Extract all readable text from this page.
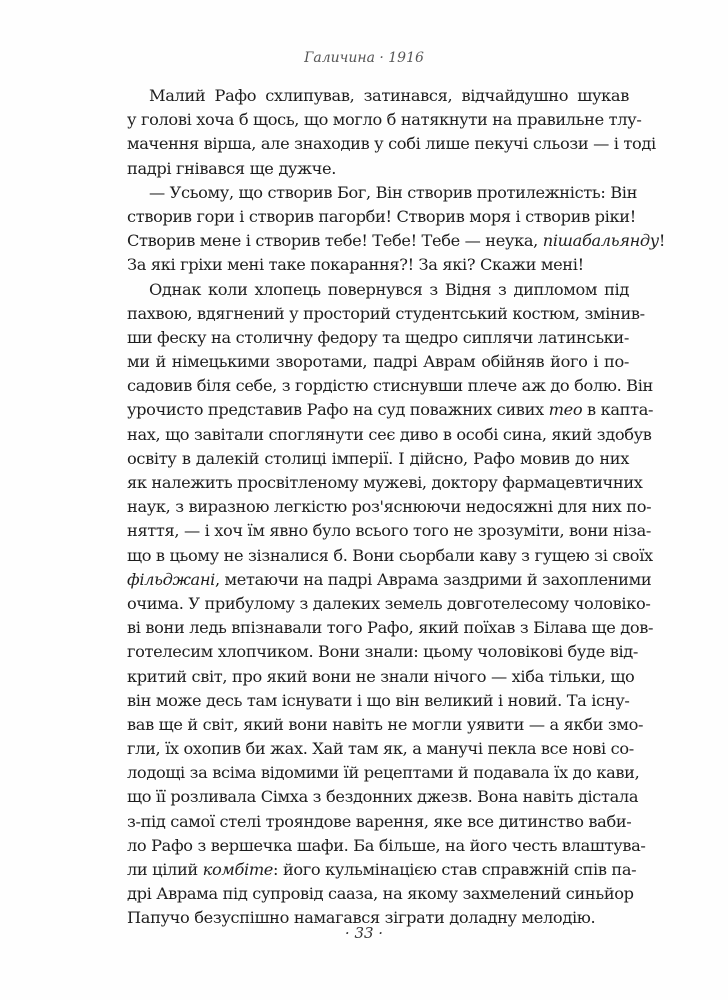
Галичина · 1916
Малий Рафо схлипував, затинався, відчайдушно шукав
у голові хоча б щось, що могло б натякнути на правильне тлу-
мачення вірша, але знаходив у собі лише пекучі сльози — і тоді
падрі гнівався ще дужче.
— Усьому, що створив Бог, Він створив протилежність: Він
створив гори і створив пагорби! Створив моря і створив ріки!
Створив мене і створив тебе! Тебе! Тебе — неука, пішабальянду!
За які гріхи мені таке покарання?! За які? Скажи мені!
Однак коли хлопець повернувся з Відня з дипломом під
пахвою, вдягнений у просторий студентський костюм, змінив-
ши феску на столичну федору та щедро сиплячи латинськи-
ми й німецькими зворотами, падрі Аврам обійняв його і по-
садовив біля себе, з гордістю стиснувши плече аж до болю. Він
урочисто представив Рафо на суд поважних сивих тео в капта-
нах, що завітали споглянути сеє диво в особі сина, який здобув
освіту в далекій столиці імперії. І дійсно, Рафо мовив до них
як належить просвітленому мужеві, доктору фармацевтичних
наук, з виразною легкістю роз'яснюючи недосяжні для них по-
няття, — і хоч їм явно було всього того не зрозуміти, вони ніза-
що в цьому не зізналися б. Вони сьорбали каву з гущею зі своїх
фільджані, метаючи на падрі Аврама заздрими й захопленими
очима. У прибулому з далеких земель довготелесому чоловіко-
ві вони ледь впізнавали того Рафо, який поїхав з Білава ще дов-
готелесим хлопчиком. Вони знали: цьому чоловікові буде від-
критий світ, про який вони не знали нічого — хіба тільки, що
він може десь там існувати і що він великий і новий. Та існу-
вав ще й світ, який вони навіть не могли уявити — а якби змо-
гли, їх охопив би жах. Хай там як, а манучі пекла все нові со-
лодощі за всіма відомими їй рецептами й подавала їх до кави,
що її розливала Сімха з бездонних джезв. Вона навіть дістала
з-під самої стелі трояндове варення, яке все дитинство ваби-
ло Рафо з вершечка шафи. Ба більше, на його честь влаштува-
ли цілий комбіте: його кульмінацією став справжній спів па-
дрі Аврама під супровід сааза, на якому захмелений синьйор
Папучо безуспішно намагався зіграти доладну мелодію.
· 33 ·
